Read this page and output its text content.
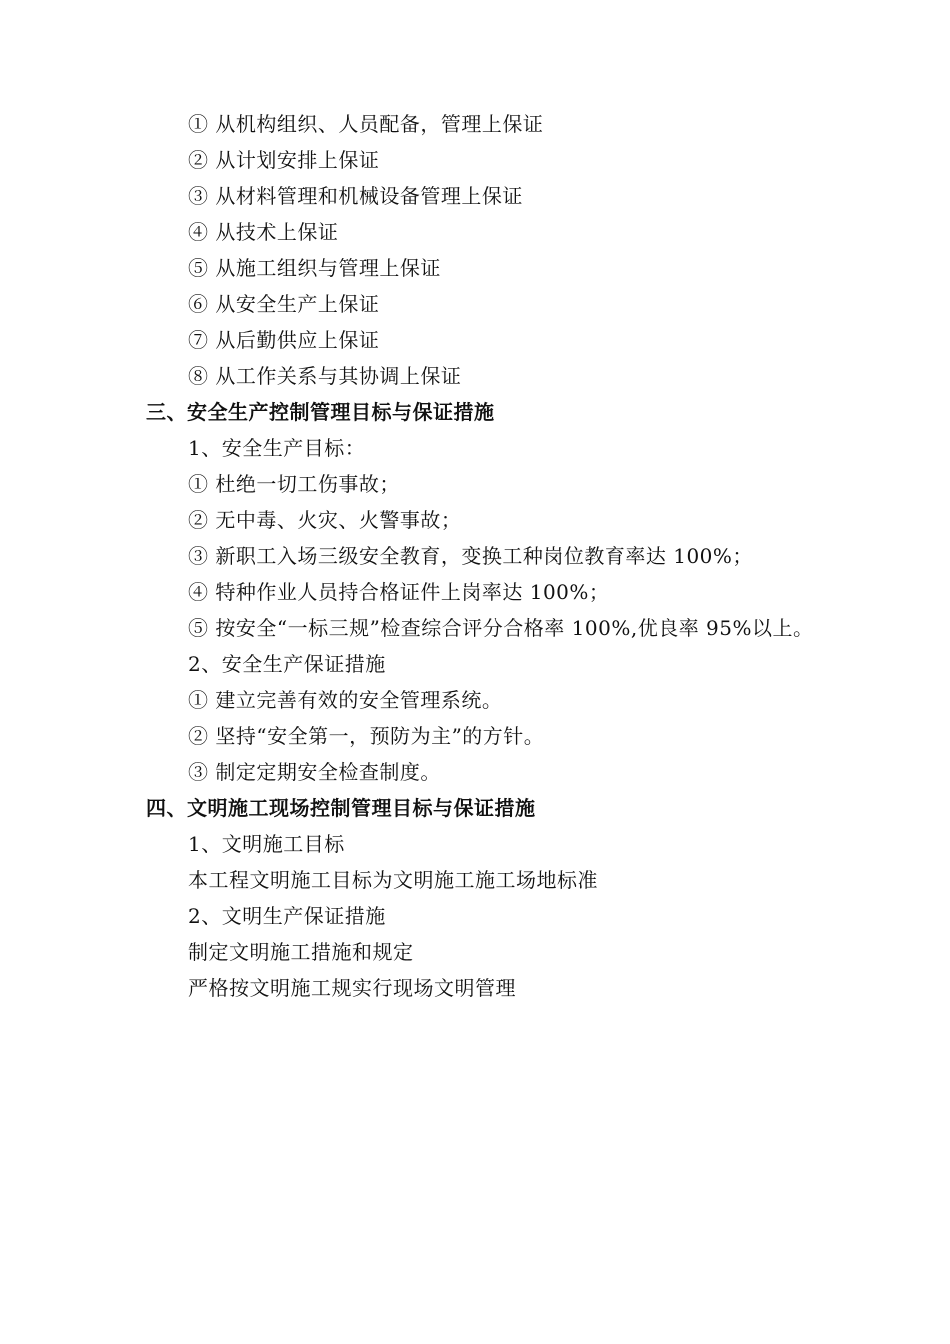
① 从机构组织、人员配备，管理上保证
② 从计划安排上保证
③ 从材料管理和机械设备管理上保证
④ 从技术上保证
⑤ 从施工组织与管理上保证
⑥ 从安全生产上保证
⑦ 从后勤供应上保证
⑧ 从工作关系与其协调上保证
三、安全生产控制管理目标与保证措施
1、安全生产目标：
① 杜绝一切工伤事故；
② 无中毒、火灾、火警事故；
③ 新职工入场三级安全教育，变换工种岗位教育率达 100%；
④ 特种作业人员持合格证件上岗率达 100%；
⑤ 按安全“一标三规”检查综合评分合格率 100%,优良率 95%以上。
2、安全生产保证措施
① 建立完善有效的安全管理系统。
② 坚持“安全第一，预防为主”的方针。
③ 制定定期安全检查制度。
四、文明施工现场控制管理目标与保证措施
1、文明施工目标
本工程文明施工目标为文明施工施工场地标准
2、文明生产保证措施
制定文明施工措施和规定
严格按文明施工规实行现场文明管理
